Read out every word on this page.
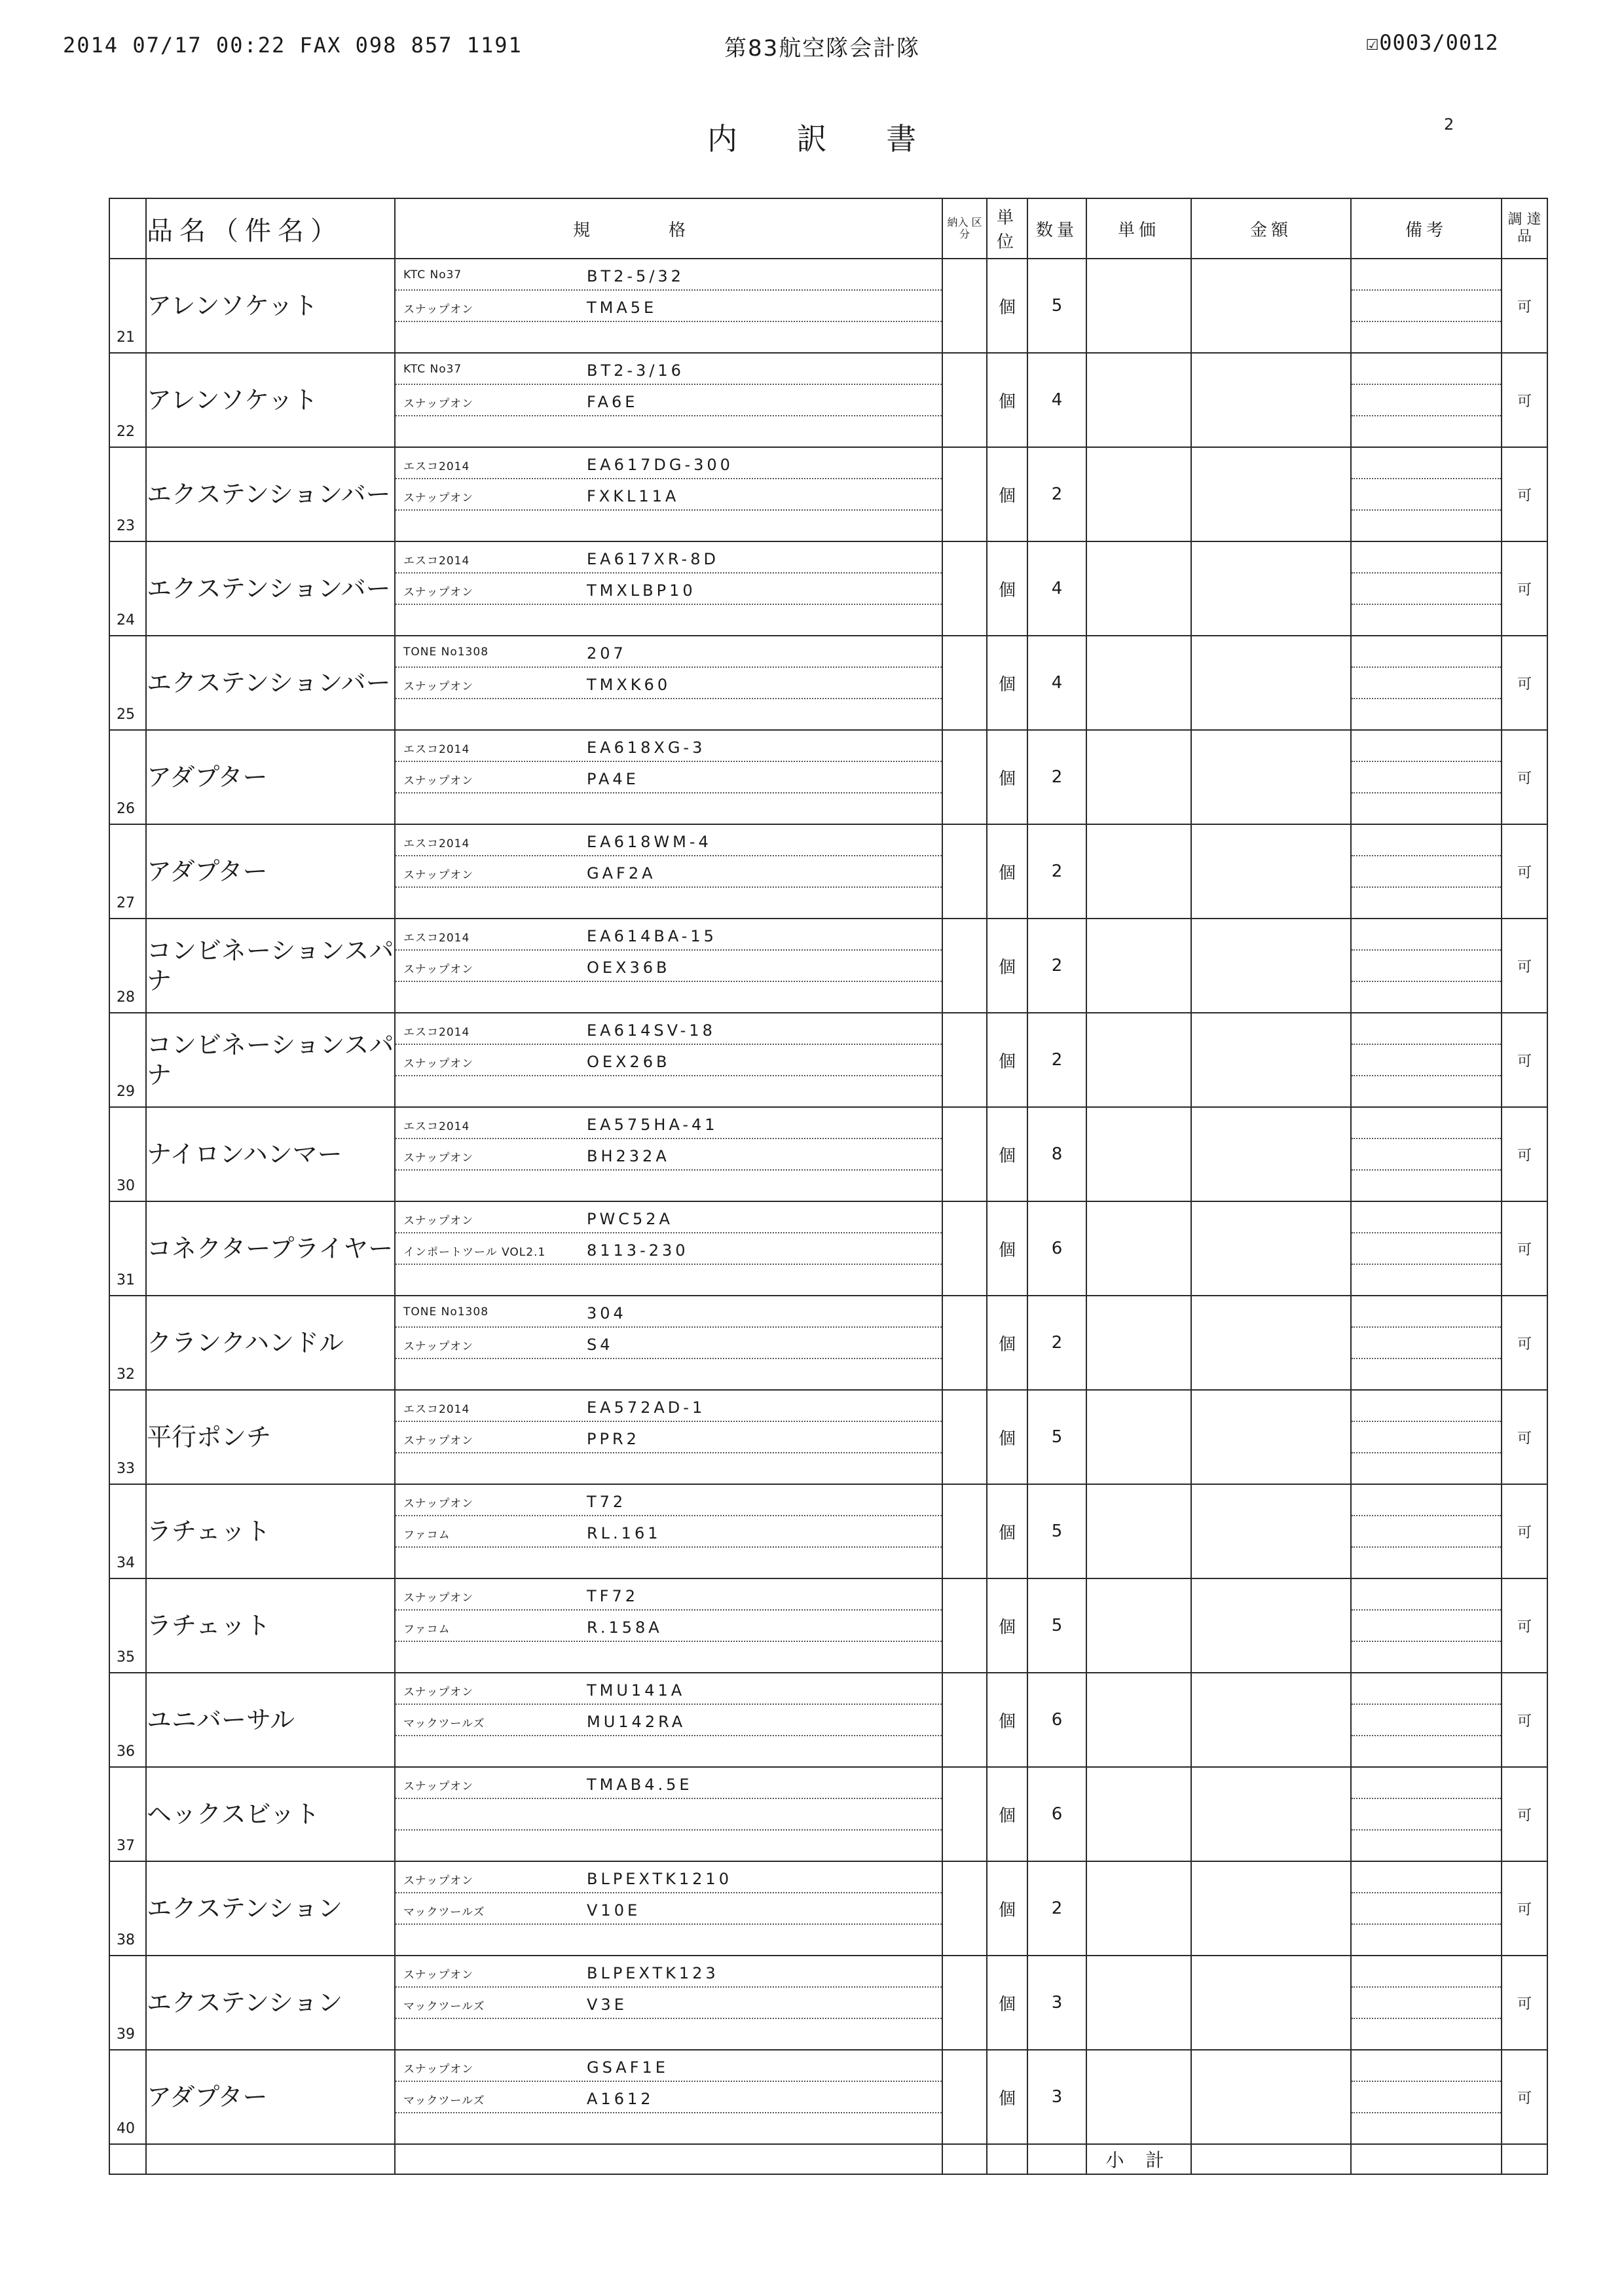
2014 07/17 00:22 FAX 098 857 1191	第83航空隊会計隊	☑0003/0012
内 訳 書	2
	品名（件名）	規格	納入 区分	単位	数量	単価	金額	備考	調 達 品

21	アレンソケット	KTC No37 BT2-5/32
スナップオン TMA5E		個	5				可

22	アレンソケット	KTC No37 BT2-3/16
スナップオン FA6E		個	4				可

23	エクステンションバー	エスコ2014 EA617DG-300
スナップオン FXKL11A		個	2				可

24	エクステンションバー	エスコ2014 EA617XR-8D
スナップオン TMXLBP10		個	4				可

25	エクステンションバー	TONE No1308 207
スナップオン TMXK60		個	4				可

26	アダプター	エスコ2014 EA618XG-3
スナップオン PA4E		個	2				可

27	アダプター	エスコ2014 EA618WM-4
スナップオン GAF2A		個	2				可

28	コンビネーションスパナ	エスコ2014 EA614BA-15
スナップオン OEX36B		個	2				可

29	コンビネーションスパナ	エスコ2014 EA614SV-18
スナップオン OEX26B		個	2				可

30	ナイロンハンマー	エスコ2014 EA575HA-41
スナップオン BH232A		個	8				可

31	コネクタープライヤー	スナップオン PWC52A
インポートツール VOL2.1 8113-230		個	6				可

32	クランクハンドル	TONE No1308 304
スナップオン S4		個	2				可

33	平行ポンチ	エスコ2014 EA572AD-1
スナップオン PPR2		個	5				可

34	ラチェット	スナップオン T72
ファコム RL.161		個	5				可

35	ラチェット	スナップオン TF72
ファコム R.158A		個	5				可

36	ユニバーサル	スナップオン TMU141A
マックツールズ MU142RA		個	6				可

37	ヘックスビット	スナップオン TMAB4.5E		個	6				可

38	エクステンション	スナップオン BLPEXTK1210
マックツールズ V10E		個	2				可

39	エクステンション	スナップオン BLPEXTK123
マックツールズ V3E		個	3				可

40	アダプター	スナップオン GSAF1E
マックツールズ A1612		個	3				可
						小 計			
